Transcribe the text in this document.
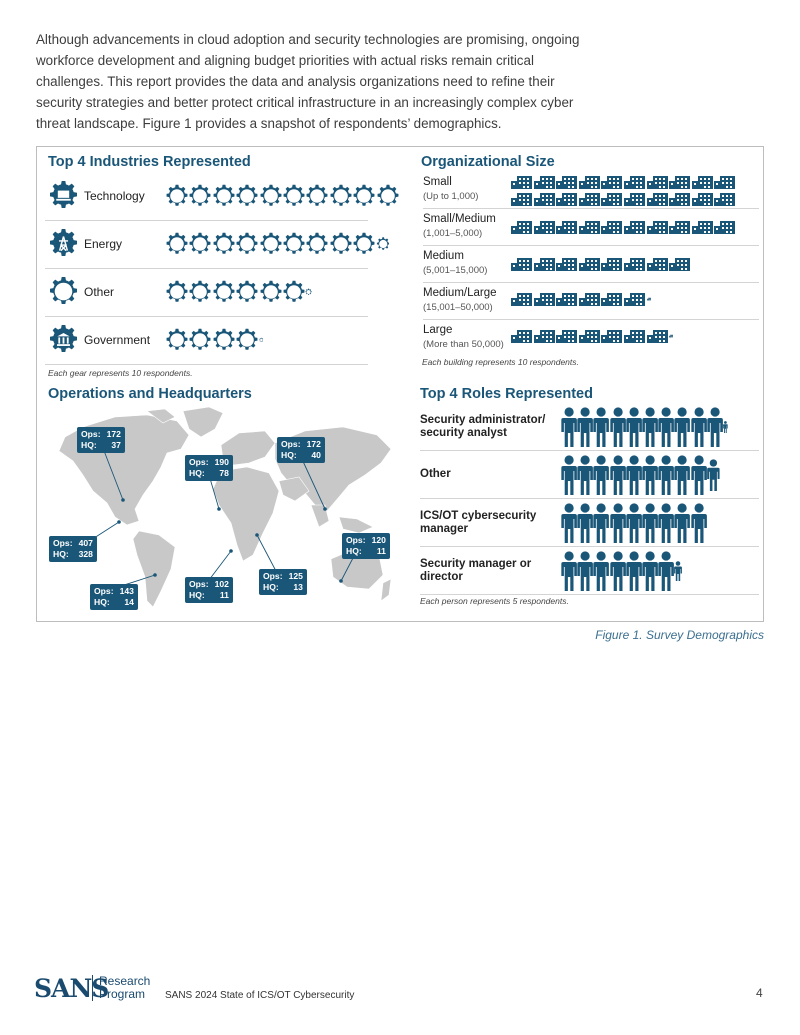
Although advancements in cloud adoption and security technologies are promising, ongoing workforce development and aligning budget priorities with actual risks remain critical challenges. This report provides the data and analysis organizations need to refine their security strategies and better protect critical infrastructure in an increasingly complex cyber threat landscape. Figure 1 provides a snapshot of respondents’ demographics.

Top 4 Industries Represented
Technology
Energy
Other
Government
Each gear represents 10 respondents.
Organizational Size
Small
(Up to 1,000)

Small/Medium
(1,001–5,000)
Medium
(5,001–15,000)
Medium/Large
(15,001–50,000)
Large
(More than 50,000)
Each building represents 10 respondents.
Operations and Headquarters
Ops: 172
HQ: 37
Ops: 407
HQ: 328
Ops: 143
HQ: 14
Ops: 190
HQ: 78
Ops: 102
HQ: 11
Ops: 125
HQ: 13
Ops: 172
HQ: 40
Ops: 120
HQ: 11
Top 4 Roles Represented
Security administrator/ security analyst
Other
ICS/OT cybersecurity manager
Security manager or director
Each person represents 5 respondents.
Figure 1. Survey Demographics
SANS
Research
Program	SANS 2024 State of ICS/OT Cybersecurity	4
